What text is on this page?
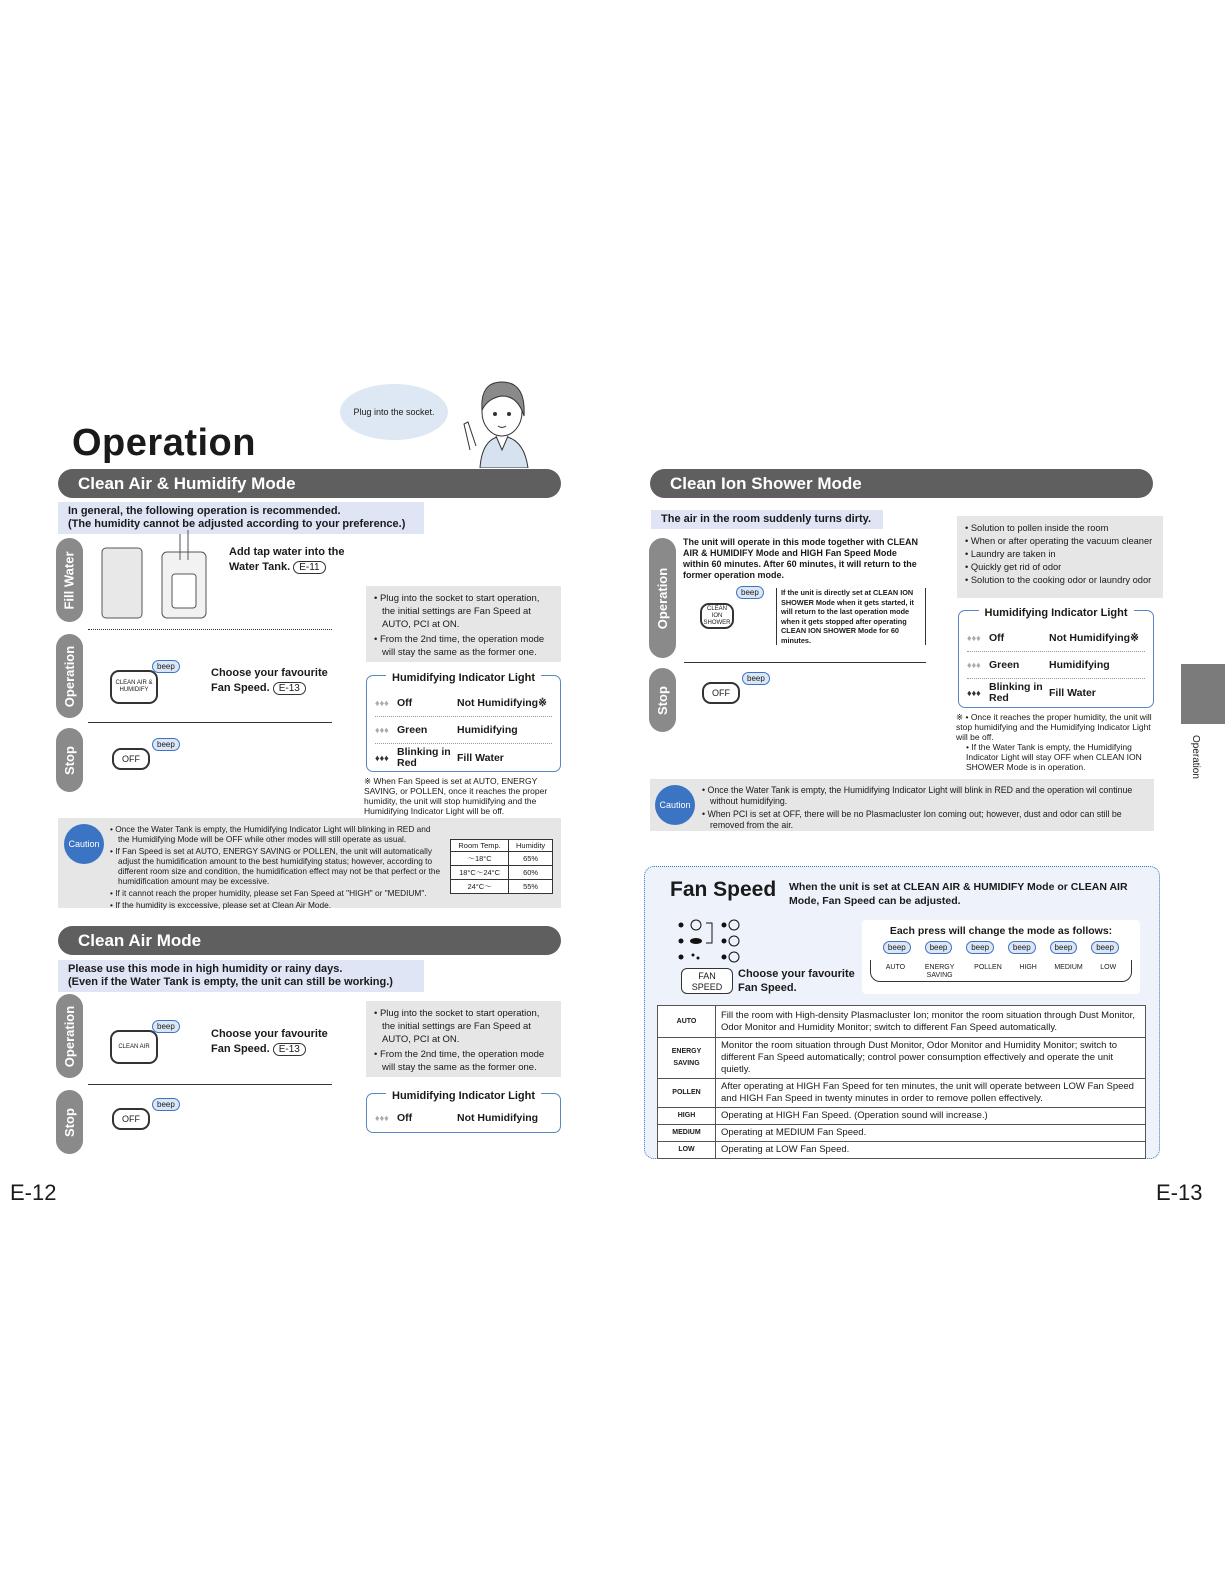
Plug into the socket.
Operation
Clean Air & Humidify Mode
In general, the following operation is recommended.
(The humidity cannot be adjusted according to your preference.)
Fill Water	Add tap water into the
Water Tank. E-11
Operation	CLEAN AIR & HUMIDIFY
beep
Choose your favourite
Fan Speed. E-13
Stop	OFF
beep

• Plug into the socket to start operation, the initial settings are Fan Speed at AUTO, PCI at ON.

• From the 2nd time, the operation mode will stay the same as the former one.

Humidifying Indicator Light
♦♦♦ Off	Not Humidifying※
♦♦♦ Green	Humidifying
♦♦♦ Blinking in Red	Fill Water
※ When Fan Speed is set at AUTO, ENERGY SAVING, or POLLEN, once it reaches the proper humidity, the unit will stop humidifying and the Humidifying Indicator Light will be off.

• Once the Water Tank is empty, the Humidifying Indicator Light will blinking in RED and the Humidifying Mode will be OFF while other modes will still operate as usual.

• If Fan Speed is set at AUTO, ENERGY SAVING or POLLEN, the unit will automatically adjust the humidification amount to the best humidifying status; however, according to different room size and condition, the humidification effect may not be that perfect or the humidification amount may be excessive.

• If it cannot reach the proper humidity, please set Fan Speed at "HIGH" or "MEDIUM".

• If the humidity is exccessive, please set at Clean Air Mode.

Caution	Room Temp.	Humidity
～18°C	65%
18°C～24°C	60%
24°C～	55%
Clean Air Mode
Please use this mode in high humidity or rainy days.
(Even if the Water Tank is empty, the unit can still be working.)
Operation	CLEAN AIR
beep
Choose your favourite
Fan Speed. E-13
Stop	OFF
beep

• Plug into the socket to start operation, the initial settings are Fan Speed at AUTO, PCI at ON.

• From the 2nd time, the operation mode will stay the same as the former one.

Humidifying Indicator Light
♦♦♦ Off	Not Humidifying
E-12
Clean Ion Shower Mode
The air in the room suddenly turns dirty.
Operation
The unit will operate in this mode together with CLEAN AIR & HUMIDIFY Mode and HIGH Fan Speed Mode within 60 minutes. After 60 minutes, it will return to the former operation mode.
CLEAN ION SHOWER
beep	If the unit is directly set at CLEAN ION SHOWER Mode when it gets started, it will return to the last operation mode when it gets stopped after operating CLEAN ION SHOWER Mode for 60 minutes.
Stop	OFF
beep
• Solution to pollen inside the room
• When or after operating the vacuum cleaner
• Laundry are taken in
• Quickly get rid of odor
• Solution to the cooking odor or laundry odor
Humidifying Indicator Light
♦♦♦ Off	Not Humidifying※
♦♦♦ Green	Humidifying
♦♦♦ Blinking in Red	Fill Water
※ • Once it reaches the proper humidity, the unit will stop humidifying and the Humidifying Indicator Light will be off.
• If the Water Tank is empty, the Humidifying Indicator Light will stay OFF when CLEAN ION SHOWER Mode is in operation.

• Once the Water Tank is empty, the Humidifying Indicator Light will blink in RED and the operation wil continue without humidifying.

• When PCI is set at OFF, there will be no Plasmacluster Ion coming out; however, dust and odor can still be removed from the air.

Caution
Fan Speed When the unit is set at CLEAN AIR & HUMIDIFY Mode or CLEAN AIR Mode, Fan Speed can be adjusted.
FAN SPEED
Choose your favourite
Fan Speed.
Each press will change the mode as follows:
beep	beep	beep	beep	beep	beep
AUTO	ENERGY SAVING
POLLEN	HIGH	MEDIUM	LOW
AUTO	Fill the room with High-density Plasmacluster Ion; monitor the room situation through Dust Monitor, Odor Monitor and Humidity Monitor; switch to different Fan Speed automatically.
ENERGY SAVING	Monitor the room situation through Dust Monitor, Odor Monitor and Humidity Monitor; switch to different Fan Speed automatically; control power consumption effectively and operate the unit quietly.
POLLEN	After operating at HIGH Fan Speed for ten minutes, the unit will operate between LOW Fan Speed and HIGH Fan Speed in twenty minutes in order to remove pollen effectively.
HIGH	Operating at HIGH Fan Speed. (Operation sound will increase.)
MEDIUM	Operating at MEDIUM Fan Speed.
LOW	Operating at LOW Fan Speed.
Operation
E-13
